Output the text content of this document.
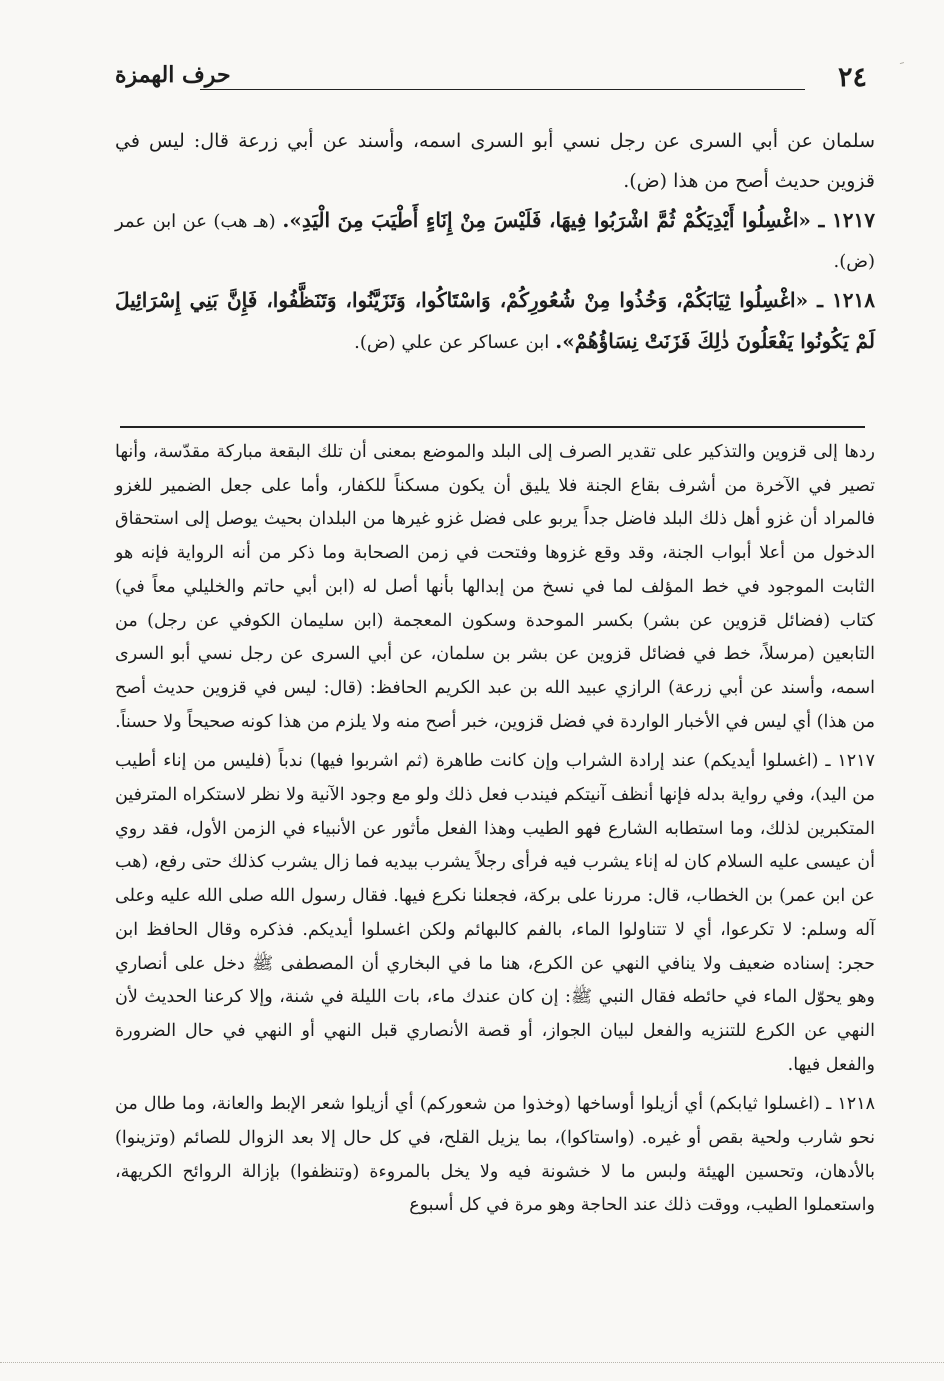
ﹺ
٢٤
حرف الهمزة

سلمان عن أبي السرى عن رجل نسي أبو السرى اسمه، وأسند عن أبي زرعة قال: ليس في قزوين حديث أصح من هذا (ض).

١٢١٧ ـ «اغْسِلُوا أَيْدِيَكُمْ ثُمَّ اشْرَبُوا فِيهَا، فَلَيْسَ مِنْ إِنَاءٍ أَطْيَبَ مِنَ الْيَدِ». (هـ هب) عن ابن عمر (ض).

١٢١٨ ـ «اغْسِلُوا ثِيَابَكُمْ، وَخُذُوا مِنْ شُعُورِكُمْ، وَاسْتَاكُوا، وَتَزَيَّنُوا، وَتَنَظَّفُوا، فَإِنَّ بَنِي إِسْرَائِيلَ لَمْ يَكُونُوا يَفْعَلُونَ ذٰلِكَ فَزَنَتْ نِسَاؤُهُمْ». ابن عساكر عن علي (ض).

ردها إلى قزوين والتذكير على تقدير الصرف إلى البلد والموضع بمعنى أن تلك البقعة مباركة مقدّسة، وأنها تصير في الآخرة من أشرف بقاع الجنة فلا يليق أن يكون مسكناً للكفار، وأما على جعل الضمير للغزو فالمراد أن غزو أهل ذلك البلد فاضل جداً يربو على فضل غزو غيرها من البلدان بحيث يوصل إلى استحقاق الدخول من أعلا أبواب الجنة، وقد وقع غزوها وفتحت في زمن الصحابة وما ذكر من أنه الرواية فإنه هو الثابت الموجود في خط المؤلف لما في نسخ من إبدالها بأنها أصل له (ابن أبي حاتم والخليلي معاً في) كتاب (فضائل قزوين عن بشر) بكسر الموحدة وسكون المعجمة (ابن سليمان الكوفي عن رجل) من التابعين (مرسلاً، خط في فضائل قزوين عن بشر بن سلمان، عن أبي السرى عن رجل نسي أبو السرى اسمه، وأسند عن أبي زرعة) الرازي عبيد الله بن عبد الكريم الحافظ: (قال: ليس في قزوين حديث أصح من هذا) أي ليس في الأخبار الواردة في فضل قزوين، خبر أصح منه ولا يلزم من هذا كونه صحيحاً ولا حسناً.

١٢١٧ ـ (اغسلوا أيديكم) عند إرادة الشراب وإن كانت طاهرة (ثم اشربوا فيها) ندباً (فليس من إناء أطيب من اليد)، وفي رواية بدله فإنها أنظف آنيتكم فيندب فعل ذلك ولو مع وجود الآنية ولا نظر لاستكراه المترفين المتكبرين لذلك، وما استطابه الشارع فهو الطيب وهذا الفعل مأثور عن الأنبياء في الزمن الأول، فقد روي أن عيسى عليه السلام كان له إناء يشرب فيه فرأى رجلاً يشرب بيديه فما زال يشرب كذلك حتى رفع، (هب عن ابن عمر) بن الخطاب، قال: مررنا على بركة، فجعلنا نكرع فيها. فقال رسول الله صلى الله عليه وعلى آله وسلم: لا تكرعوا، أي لا تتناولوا الماء، بالفم كالبهائم ولكن اغسلوا أيديكم. فذكره وقال الحافظ ابن حجر: إسناده ضعيف ولا ينافي النهي عن الكرع، هنا ما في البخاري أن المصطفى ﷺ دخل على أنصاري وهو يحوّل الماء في حائطه فقال النبي ﷺ: إن كان عندك ماء، بات الليلة في شنة، وإلا كرعنا الحديث لأن النهي عن الكرع للتنزيه والفعل لبيان الجواز، أو قصة الأنصاري قبل النهي أو النهي في حال الضرورة والفعل فيها.

١٢١٨ ـ (اغسلوا ثيابكم) أي أزيلوا أوساخها (وخذوا من شعوركم) أي أزيلوا شعر الإبط والعانة، وما طال من نحو شارب ولحية بقص أو غيره. (واستاكوا)، بما يزيل القلح، في كل حال إلا بعد الزوال للصائم (وتزينوا) بالأدهان، وتحسين الهيئة ولبس ما لا خشونة فيه ولا يخل بالمروءة (وتنظفوا) بإزالة الروائح الكريهة، واستعملوا الطيب، ووقت ذلك عند الحاجة وهو مرة في كل أسبوع
